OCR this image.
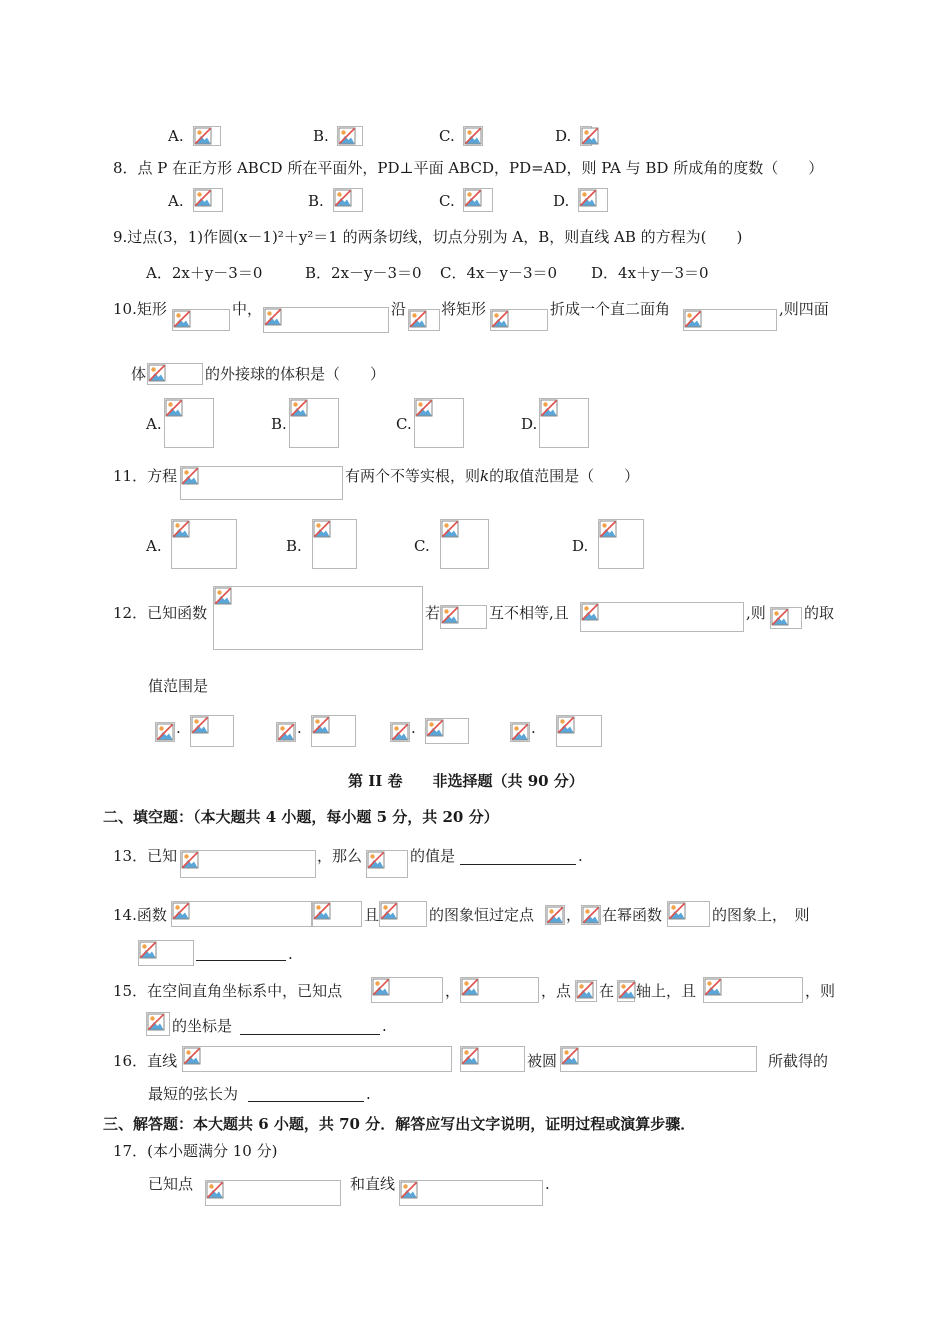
A.	B.	C.	D.
8．点 P 在正方形 ABCD 所在平面外，PD⊥平面 ABCD，PD=AD，则 PA 与 BD 所成角的度数（　　）
A.	B.	C.	D.
9.过点(3，1)作圆(x－1)²＋y²＝1 的两条切线，切点分别为 A，B，则直线 AB 的方程为(　　)
A．2x＋y－3＝0	B．2x－y－3＝0 C．4x－y－3＝0 D．4x＋y－3＝0
10.矩形	中，	沿 将矩形	折成一个直二面角	,则四面
体	的外接球的体积是（　　）
A.	B.	C.	D.
11．方程	有两个不等实根，则k的取值范围是（　　）
A.	B.	C.	D.
12．已知函数	若	互不相等,且	,则	的取
值范围是
.	.	.	.
第 II 卷　　非选择题（共 90 分）
二、填空题：（本大题共 4 小题，每小题 5 分，共 20 分）
13．已知	，那么	的值是	.
14.函数	且	的图象恒过定点 ， 在幂函数	的图象上，　则
.
15．在空间直角坐标系中，已知点	，	，点 在 轴上，且	，则
的坐标是	.
16．直线	被圆	所截得的
最短的弦长为	.
三、解答题：本大题共 6 小题，共 70 分．解答应写出文字说明，证明过程或演算步骤．
17．(本小题满分 10 分)
已知点	和直线	.
